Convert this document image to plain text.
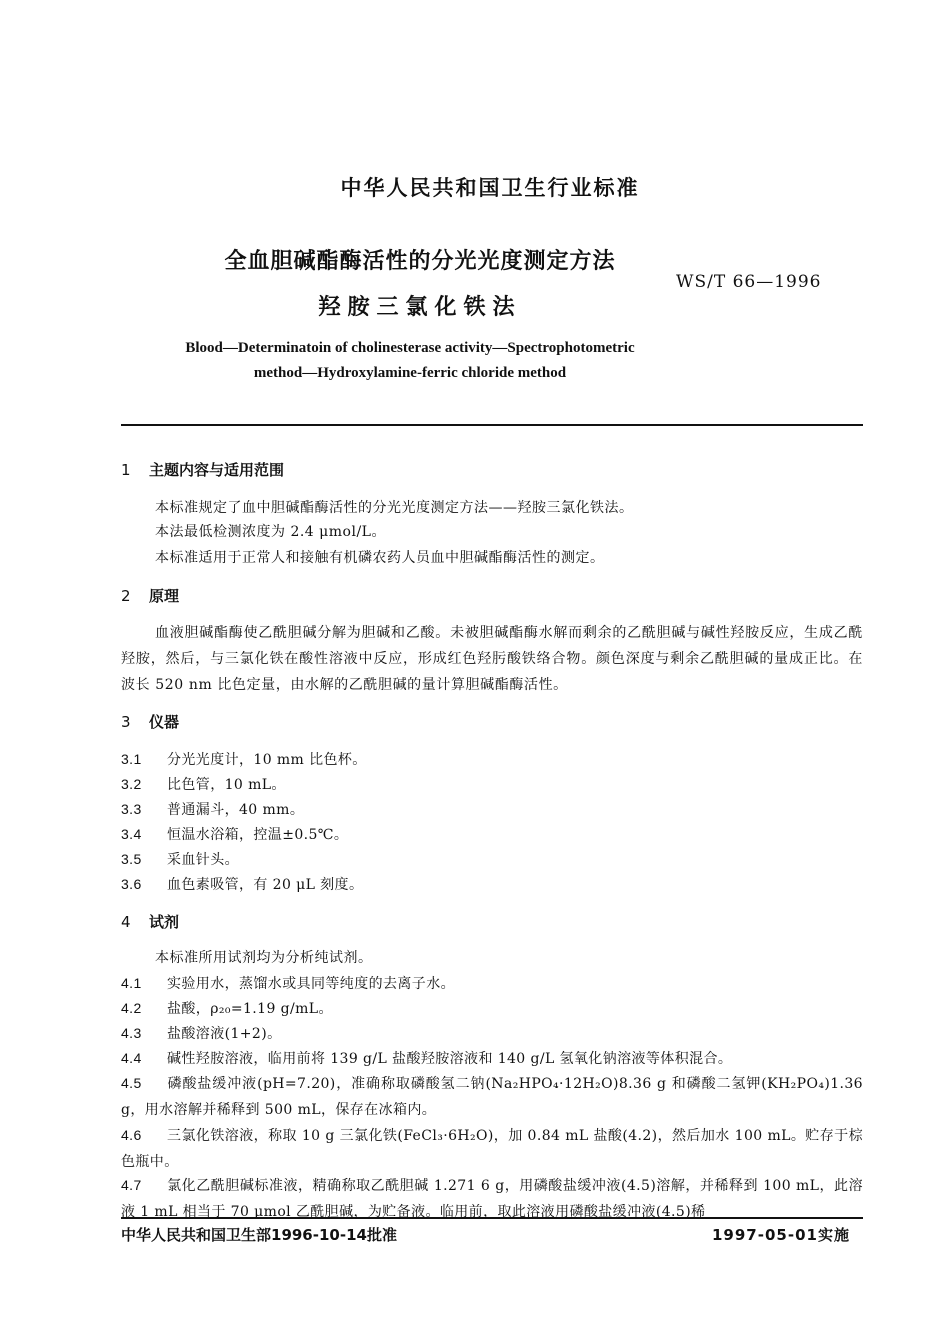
中华人民共和国卫生行业标准
全血胆碱酯酶活性的分光光度测定方法
羟胺三氯化铁法
WS/T 66—1996
Blood—Determinatoin of cholinesterase activity—Spectrophotometric
method—Hydroxylamine-ferric chloride method
1 主题内容与适用范围
本标准规定了血中胆碱酯酶活性的分光光度测定方法——羟胺三氯化铁法。
本法最低检测浓度为 2.4 μmol/L。
本标准适用于正常人和接触有机磷农药人员血中胆碱酯酶活性的测定。
2 原理
血液胆碱酯酶使乙酰胆碱分解为胆碱和乙酸。未被胆碱酯酶水解而剩余的乙酰胆碱与碱性羟胺反应，生成乙酰羟胺，然后，与三氯化铁在酸性溶液中反应，形成红色羟肟酸铁络合物。颜色深度与剩余乙酰胆碱的量成正比。在波长 520 nm 比色定量，由水解的乙酰胆碱的量计算胆碱酯酶活性。
3 仪器
3.1 分光光度计，10 mm 比色杯。
3.2 比色管，10 mL。
3.3 普通漏斗，40 mm。
3.4 恒温水浴箱，控温±0.5℃。
3.5 采血针头。
3.6 血色素吸管，有 20 μL 刻度。
4 试剂
本标准所用试剂均为分析纯试剂。
4.1 实验用水，蒸馏水或具同等纯度的去离子水。
4.2 盐酸，ρ₂₀=1.19 g/mL。
4.3 盐酸溶液(1+2)。
4.4 碱性羟胺溶液，临用前将 139 g/L 盐酸羟胺溶液和 140 g/L 氢氧化钠溶液等体积混合。
4.5 磷酸盐缓冲液(pH=7.20)，准确称取磷酸氢二钠(Na₂HPO₄·12H₂O)8.36 g 和磷酸二氢钾(KH₂PO₄)1.36 g，用水溶解并稀释到 500 mL，保存在冰箱内。
4.6 三氯化铁溶液，称取 10 g 三氯化铁(FeCl₃·6H₂O)，加 0.84 mL 盐酸(4.2)，然后加水 100 mL。贮存于棕色瓶中。
4.7 氯化乙酰胆碱标准液，精确称取乙酰胆碱 1.271 6 g，用磷酸盐缓冲液(4.5)溶解，并稀释到 100 mL，此溶液 1 mL 相当于 70 μmol 乙酰胆碱，为贮备液。临用前，取此溶液用磷酸盐缓冲液(4.5)稀
中华人民共和国卫生部1996-10-14批准	1997-05-01实施
